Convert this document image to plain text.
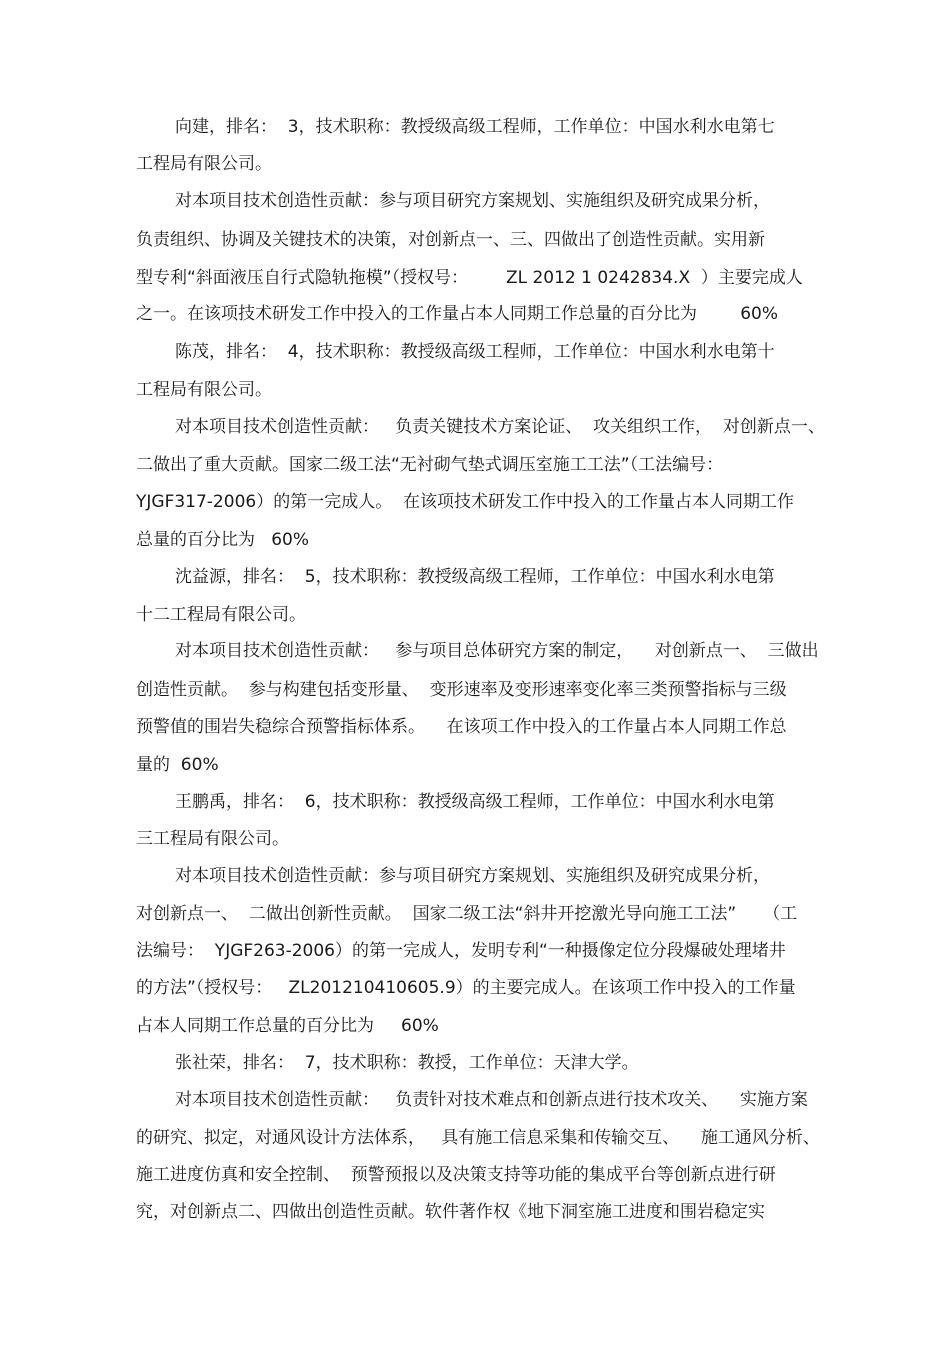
向建，排名：  3，技术职称：教授级高级工程师，工作单位：中国水利水电第七
工程局有限公司。
对本项目技术创造性贡献：参与项目研究方案规划、实施组织及研究成果分析，
负责组织、协调及关键技术的决策，对创新点一、三、四做出了创造性贡献。实用新
型专利“斜面液压自行式隐轨拖模”（授权号：       ZL 2012 1 0242834.X  ）主要完成人
之一。在该项技术研发工作中投入的工作量占本人同期工作总量的百分比为        60%
陈茂，排名：  4，技术职称：教授级高级工程师，工作单位：中国水利水电第十
工程局有限公司。
对本项目技术创造性贡献：   负责关键技术方案论证、  攻关组织工作，  对创新点一、
二做出了重大贡献。国家二级工法“无衬砌气垫式调压室施工工法”（工法编号：
YJGF317-2006）的第一完成人。  在该项技术研发工作中投入的工作量占本人同期工作
总量的百分比为   60%
沈益源，排名：  5，技术职称：教授级高级工程师，工作单位：中国水利水电第
十二工程局有限公司。
对本项目技术创造性贡献：   参与项目总体研究方案的制定，    对创新点一、  三做出
创造性贡献。  参与构建包括变形量、  变形速率及变形速率变化率三类预警指标与三级
预警值的围岩失稳综合预警指标体系。    在该项工作中投入的工作量占本人同期工作总
量的  60%
王鹏禹，排名：  6，技术职称：教授级高级工程师，工作单位：中国水利水电第
三工程局有限公司。
对本项目技术创造性贡献：参与项目研究方案规划、实施组织及研究成果分析，
对创新点一、  二做出创新性贡献。  国家二级工法“斜井开挖激光导向施工工法”     （工
法编号：  YJGF263-2006）的第一完成人，发明专利“一种摄像定位分段爆破处理堵井
的方法”（授权号：   ZL201210410605.9）的主要完成人。在该项工作中投入的工作量
占本人同期工作总量的百分比为     60%
张社荣，排名：  7，技术职称：教授，工作单位：天津大学。
对本项目技术创造性贡献：   负责针对技术难点和创新点进行技术攻关、    实施方案
的研究、拟定，对通风设计方法体系，   具有施工信息采集和传输交互、    施工通风分析、
施工进度仿真和安全控制、  预警预报以及决策支持等功能的集成平台等创新点进行研
究，对创新点二、四做出创造性贡献。软件著作权《地下洞室施工进度和围岩稳定实
